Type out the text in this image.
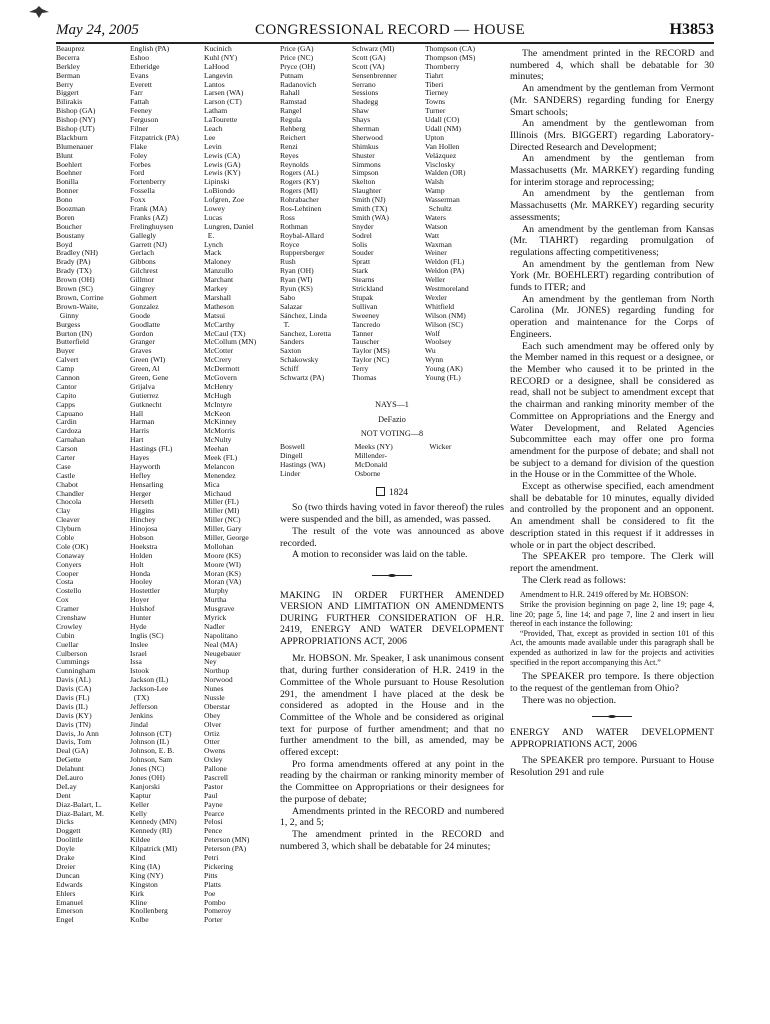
May 24, 2005	CONGRESSIONAL RECORD — HOUSE	H3853
Beauprez
Becerra
Berkley
Berman
Berry
Biggert
Bilirakis
Bishop (GA)
Bishop (NY)
Bishop (UT)
Blackburn
Blumenauer
Blunt
Boehlert
Boehner
Bonilla
Bonner
Bono
Boozman
Boren
Boucher
Boustany
Boyd
Bradley (NH)
Brady (PA)
Brady (TX)
Brown (OH)
Brown (SC)
Brown, Corrine
Brown-Waite,
Ginny
Burgess
Burton (IN)
Butterfield
Buyer
Calvert
Camp
Cannon
Cantor
Capito
Capps
Capuano
Cardin
Cardoza
Carnahan
Carson
Carter
Case
Castle
Chabot
Chandler
Chocola
Clay
Cleaver
Clyburn
Coble
Cole (OK)
Conaway
Conyers
Cooper
Costa
Costello
Cox
Cramer
Crenshaw
Crowley
Cubin
Cuellar
Culberson
Cummings
Cunningham
Davis (AL)
Davis (CA)
Davis (FL)
Davis (IL)
Davis (KY)
Davis (TN)
Davis, Jo Ann
Davis, Tom
Deal (GA)
DeGette
Delahunt
DeLauro
DeLay
Dent
Diaz-Balart, L.
Diaz-Balart, M.
Dicks
Doggett
Doolittle
Doyle
Drake
Dreier
Duncan
Edwards
Ehlers
Emanuel
Emerson
Engel
English (PA)
Eshoo
Etheridge
Evans
Everett
Farr
Fattah
Feeney
Ferguson
Filner
Fitzpatrick (PA)
Flake
Foley
Forbes
Ford
Fortenberry
Fossella
Foxx
Frank (MA)
Franks (AZ)
Frelinghuysen
Gallegly
Garrett (NJ)
Gerlach
Gibbons
Gilchrest
Gillmor
Gingrey
Gohmert
Gonzalez
Goode
Goodlatte
Gordon
Granger
Graves
Green (WI)
Green, Al
Green, Gene
Grijalva
Gutierrez
Gutknecht
Hall
Harman
Harris
Hart
Hastings (FL)
Hayes
Hayworth
Hefley
Hensarling
Herger
Herseth
Higgins
Hinchey
Hinojosa
Hobson
Hoekstra
Holden
Holt
Honda
Hooley
Hostettler
Hoyer
Hulshof
Hunter
Hyde
Inglis (SC)
Inslee
Israel
Issa
Istook
Jackson (IL)
Jackson-Lee
(TX)
Jefferson
Jenkins
Jindal
Johnson (CT)
Johnson (IL)
Johnson, E. B.
Johnson, Sam
Jones (NC)
Jones (OH)
Kanjorski
Kaptur
Keller
Kelly
Kennedy (MN)
Kennedy (RI)
Kildee
Kilpatrick (MI)
Kind
King (IA)
King (NY)
Kingston
Kirk
Kline
Knollenberg
Kolbe
Kucinich
Kuhl (NY)
LaHood
Langevin
Lantos
Larsen (WA)
Larson (CT)
Latham
LaTourette
Leach
Lee
Levin
Lewis (CA)
Lewis (GA)
Lewis (KY)
Lipinski
LoBiondo
Lofgren, Zoe
Lowey
Lucas
Lungren, Daniel
E.
Lynch
Mack
Maloney
Manzullo
Marchant
Markey
Marshall
Matheson
Matsui
McCarthy
McCaul (TX)
McCollum (MN)
McCotter
McCrery
McDermott
McGovern
McHenry
McHugh
McIntyre
McKeon
McKinney
McMorris
McNulty
Meehan
Meek (FL)
Melancon
Menendez
Mica
Michaud
Miller (FL)
Miller (MI)
Miller (NC)
Miller, Gary
Miller, George
Mollohan
Moore (KS)
Moore (WI)
Moran (KS)
Moran (VA)
Murphy
Murtha
Musgrave
Myrick
Nadler
Napolitano
Neal (MA)
Neugebauer
Ney
Northup
Norwood
Nunes
Nussle
Oberstar
Obey
Olver
Ortiz
Otter
Owens
Oxley
Pallone
Pascrell
Pastor
Paul
Payne
Pearce
Pelosi
Pence
Peterson (MN)
Peterson (PA)
Petri
Pickering
Pitts
Platts
Poe
Pombo
Pomeroy
Porter
Price (GA)
Price (NC)
Pryce (OH)
Putnam
Radanovich
Rahall
Ramstad
Rangel
Regula
Rehberg
Reichert
Renzi
Reyes
Reynolds
Rogers (AL)
Rogers (KY)
Rogers (MI)
Rohrabacher
Ros-Lehtinen
Ross
Rothman
Roybal-Allard
Royce
Ruppersberger
Rush
Ryan (OH)
Ryan (WI)
Ryun (KS)
Sabo
Salazar
Sánchez, Linda
T.
Sanchez, Loretta
Sanders
Saxton
Schakowsky
Schiff
Schwartz (PA)
Schwarz (MI)
Scott (GA)
Scott (VA)
Sensenbrenner
Serrano
Sessions
Shadegg
Shaw
Shays
Sherman
Sherwood
Shimkus
Shuster
Simmons
Simpson
Skelton
Slaughter
Smith (NJ)
Smith (TX)
Smith (WA)
Snyder
Sodrel
Solis
Souder
Spratt
Stark
Stearns
Strickland
Stupak
Sullivan
Sweeney
Tancredo
Tanner
Tauscher
Taylor (MS)
Taylor (NC)
Terry
Thomas
Thompson (CA)
Thompson (MS)
Thornberry
Tiahrt
Tiberi
Tierney
Towns
Turner
Udall (CO)
Udall (NM)
Upton
Van Hollen
Velázquez
Visclosky
Walden (OR)
Walsh
Wamp
Wasserman
Schultz
Waters
Watson
Watt
Waxman
Weiner
Weldon (FL)
Weldon (PA)
Weller
Westmoreland
Wexler
Whitfield
Wilson (NM)
Wilson (SC)
Wolf
Woolsey
Wu
Wynn
Young (AK)
Young (FL)
NAYS—1
DeFazio
NOT VOTING—8
Boswell
Dingell
Hastings (WA)
Linder
Meeks (NY)
Millender-
McDonald
Osborne
Wicker
1824

So (two thirds having voted in favor thereof) the rules were suspended and the bill, as amended, was passed.

The result of the vote was announced as above recorded.

A motion to reconsider was laid on the table.

MAKING IN ORDER FURTHER AMENDED VERSION AND LIMITATION ON AMENDMENTS DURING FURTHER CONSIDERATION OF H.R. 2419, ENERGY AND WATER DEVELOPMENT APPROPRIATIONS ACT, 2006

Mr. HOBSON. Mr. Speaker, I ask unanimous consent that, during further consideration of H.R. 2419 in the Committee of the Whole pursuant to House Resolution 291, the amendment I have placed at the desk be considered as adopted in the House and in the Committee of the Whole and be considered as original text for purpose of further amendment; and that no further amendment to the bill, as amended, may be offered except:

Pro forma amendments offered at any point in the reading by the chairman or ranking minority member of the Committee on Appropriations or their designees for the purpose of debate;

Amendments printed in the RECORD and numbered 1, 2, and 5;

The amendment printed in the RECORD and numbered 3, which shall be debatable for 24 minutes;

The amendment printed in the RECORD and numbered 4, which shall be debatable for 30 minutes;

An amendment by the gentleman from Vermont (Mr. SANDERS) regarding funding for Energy Smart schools;

An amendment by the gentlewoman from Illinois (Mrs. BIGGERT) regarding Laboratory-Directed Research and Development;

An amendment by the gentleman from Massachusetts (Mr. MARKEY) regarding funding for interim storage and reprocessing;

An amendment by the gentleman from Massachusetts (Mr. MARKEY) regarding security assessments;

An amendment by the gentleman from Kansas (Mr. TIAHRT) regarding promulgation of regulations affecting competitiveness;

An amendment by the gentleman from New York (Mr. BOEHLERT) regarding contribution of funds to ITER; and

An amendment by the gentleman from North Carolina (Mr. JONES) regarding funding for operation and maintenance for the Corps of Engineers.

Each such amendment may be offered only by the Member named in this request or a designee, or the Member who caused it to be printed in the RECORD or a designee, shall be considered as read, shall not be subject to amendment except that the chairman and ranking minority member of the Committee on Appropriations and the Energy and Water Development, and Related Agencies Subcommittee each may offer one pro forma amendment for the purpose of debate; and shall not be subject to a demand for division of the question in the House or in the Committee of the Whole.

Except as otherwise specified, each amendment shall be debatable for 10 minutes, equally divided and controlled by the proponent and an opponent. An amendment shall be considered to fit the description stated in this request if it addresses in whole or in part the object described.

The SPEAKER pro tempore. The Clerk will report the amendment.

The Clerk read as follows:

Amendment to H.R. 2419 offered by Mr. HOBSON:

Strike the provision beginning on page 2, line 19; page 4, line 20; page 5, line 14; and page 7, line 2 and insert in lieu thereof in each instance the following:

“Provided, That, except as provided in section 101 of this Act, the amounts made available under this paragraph shall be expended as authorized in law for the projects and activities specified in the report accompanying this Act.”

The SPEAKER pro tempore. Is there objection to the request of the gentleman from Ohio?

There was no objection.

ENERGY AND WATER DEVELOPMENT APPROPRIATIONS ACT, 2006

The SPEAKER pro tempore. Pursuant to House Resolution 291 and rule
